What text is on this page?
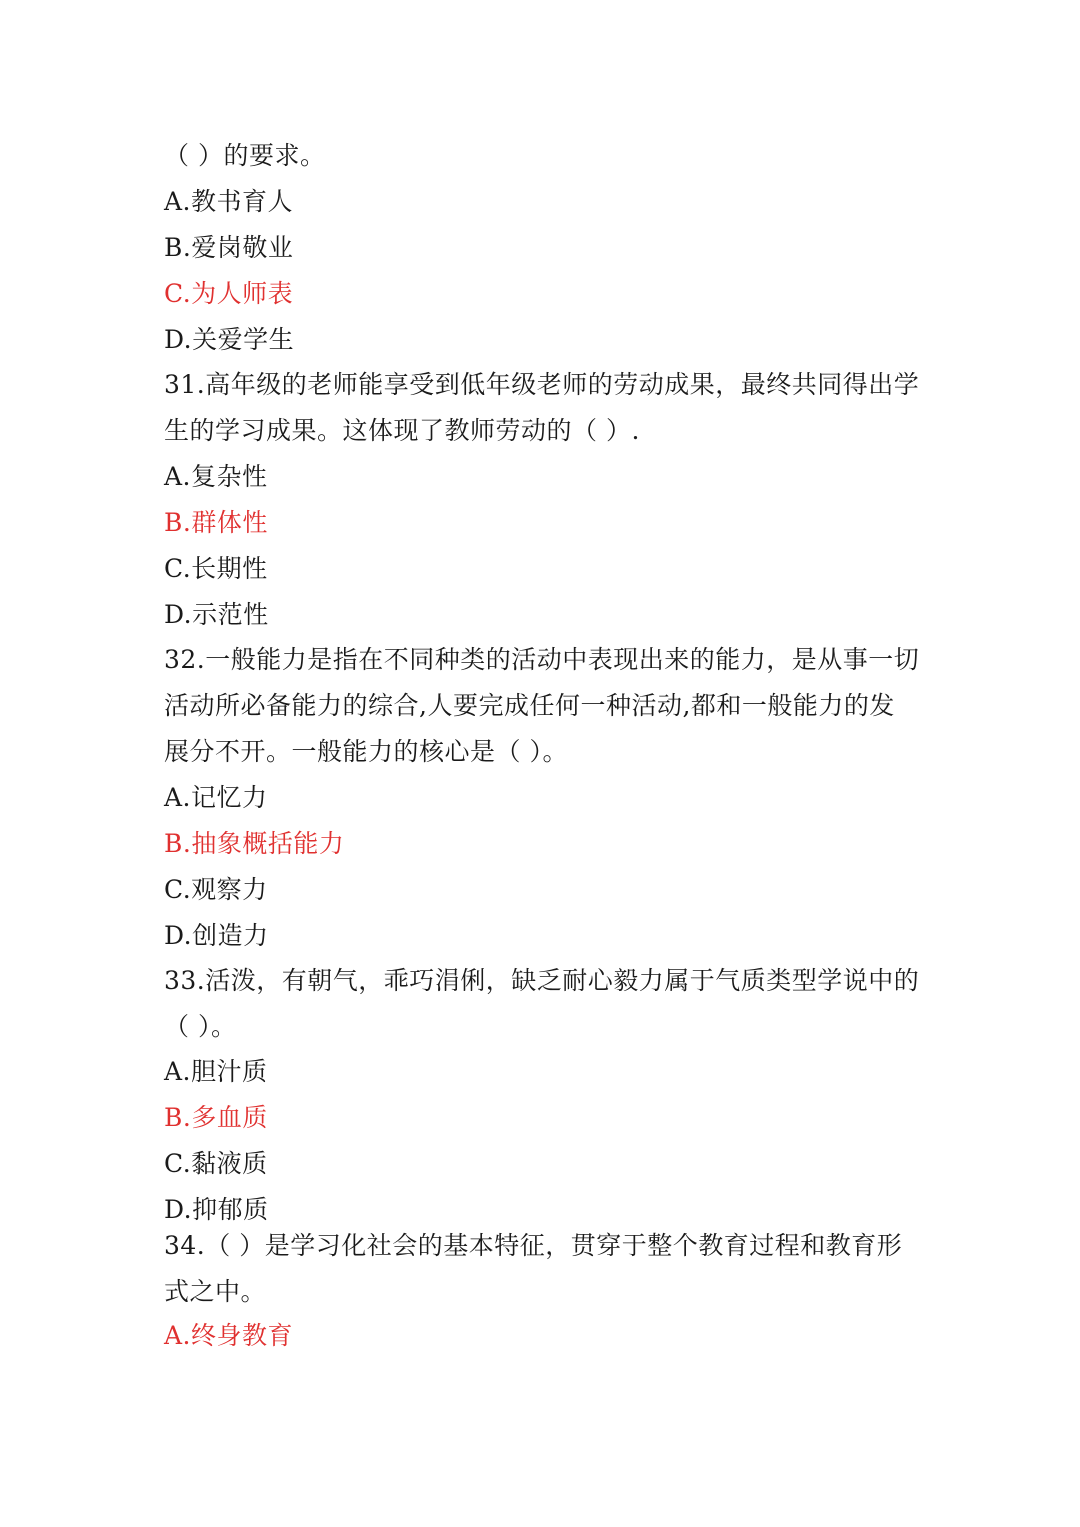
（ ）的要求。
A.教书育人
B.爱岗敬业
C.为人师表
D.关爱学生
31.高年级的老师能享受到低年级老师的劳动成果，最终共同得出学
生的学习成果。这体现了教师劳动的（ ）.
A.复杂性
B.群体性
C.长期性
D.示范性
32.一般能力是指在不同种类的活动中表现出来的能力，是从事一切
活动所必备能力的综合,人要完成任何一种活动,都和一般能力的发
展分不开。一般能力的核心是（ ）。
A.记忆力
B.抽象概括能力
C.观察力
D.创造力
33.活泼，有朝气，乖巧涓俐，缺乏耐心毅力属于气质类型学说中的
（ ）。
A.胆汁质
B.多血质
C.黏液质
D.抑郁质
34.（ ）是学习化社会的基本特征，贯穿于整个教育过程和教育形
式之中。
A.终身教育
